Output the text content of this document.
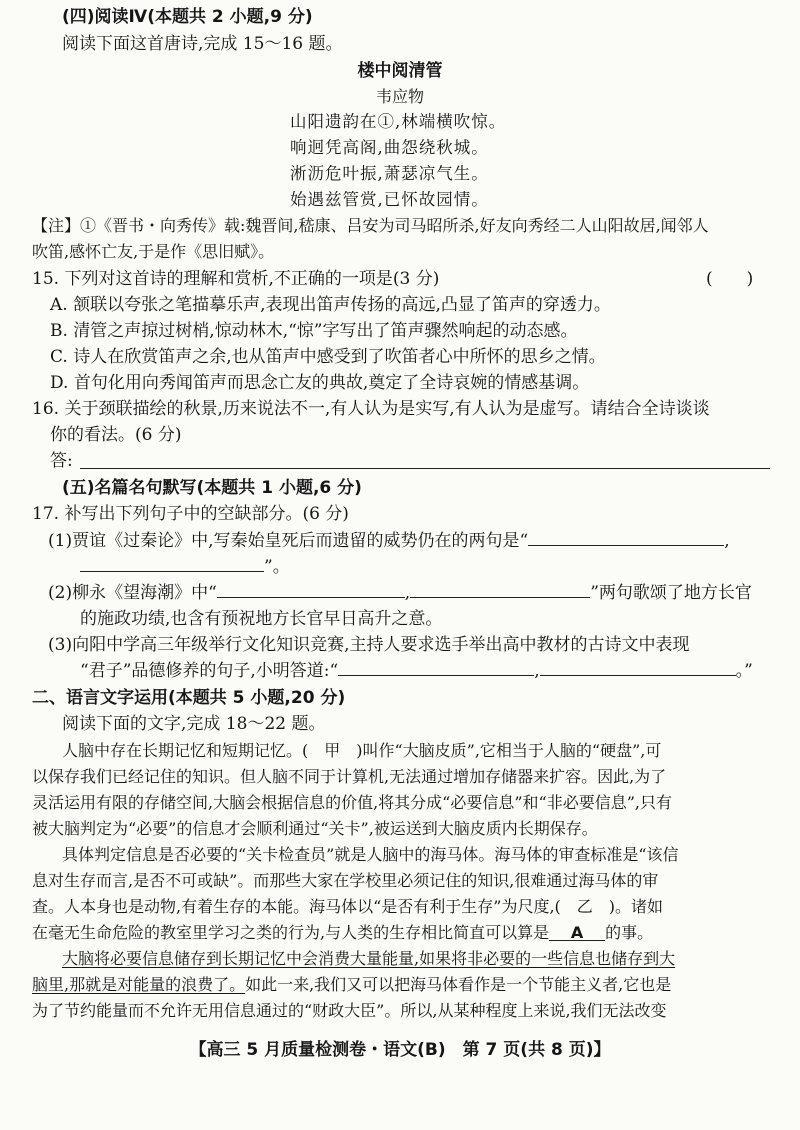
(四)阅读Ⅳ(本题共 2 小题,9 分)
阅读下面这首唐诗,完成 15～16 题。
楼中阅清管
韦应物
山阳遗韵在①,林端横吹惊。
响迥凭高阁,曲怨绕秋城。
淅沥危叶振,萧瑟凉气生。
始遇兹管赏,已怀故园情。
【注】①《晋书・向秀传》载:魏晋间,嵇康、吕安为司马昭所杀,好友向秀经二人山阳故居,闻邻人
吹笛,感怀亡友,于是作《思旧赋》。
15. 下列对这首诗的理解和赏析,不正确的一项是(3 分)	(　　)
A. 颔联以夸张之笔描摹乐声,表现出笛声传扬的高远,凸显了笛声的穿透力。
B. 清管之声掠过树梢,惊动林木,“惊”字写出了笛声骤然响起的动态感。
C. 诗人在欣赏笛声之余,也从笛声中感受到了吹笛者心中所怀的思乡之情。
D. 首句化用向秀闻笛声而思念亡友的典故,奠定了全诗哀婉的情感基调。
16. 关于颈联描绘的秋景,历来说法不一,有人认为是实写,有人认为是虚写。请结合全诗谈谈
你的看法。(6 分)
答:
(五)名篇名句默写(本题共 1 小题,6 分)
17. 补写出下列句子中的空缺部分。(6 分)
(1)贾谊《过秦论》中,写秦始皇死后而遗留的威势仍在的两句是“	,
”。
(2)柳永《望海潮》中“	,	”两句歌颂了地方长官
的施政功绩,也含有预祝地方长官早日高升之意。
(3)向阳中学高三年级举行文化知识竞赛,主持人要求选手举出高中教材的古诗文中表现
“君子”品德修养的句子,小明答道:“	,	。”
二、语言文字运用(本题共 5 小题,20 分)
阅读下面的文字,完成 18～22 题。
人脑中存在长期记忆和短期记忆。(　甲　)叫作“大脑皮质”,它相当于人脑的“硬盘”,可
以保存我们已经记住的知识。但人脑不同于计算机,无法通过增加存储器来扩容。因此,为了
灵活运用有限的存储空间,大脑会根据信息的价值,将其分成“必要信息”和“非必要信息”,只有
被大脑判定为“必要”的信息才会顺利通过“关卡”,被运送到大脑皮质内长期保存。
具体判定信息是否必要的“关卡检查员”就是人脑中的海马体。海马体的审查标准是“该信
息对生存而言,是否不可或缺”。而那些大家在学校里必须记住的知识,很难通过海马体的审
查。人本身也是动物,有着生存的本能。海马体以“是否有利于生存”为尺度,(　乙　)。诸如
在毫无生命危险的教室里学习之类的行为,与人类的生存相比简直可以算是 A 的事。
大脑将必要信息储存到长期记忆中会消费大量能量,如果将非必要的一些信息也储存到大
脑里,那就是对能量的浪费了。如此一来,我们又可以把海马体看作是一个节能主义者,它也是
为了节约能量而不允许无用信息通过的“财政大臣”。所以,从某种程度上来说,我们无法改变
【高三 5 月质量检测卷・语文(B)　第 7 页(共 8 页)】
